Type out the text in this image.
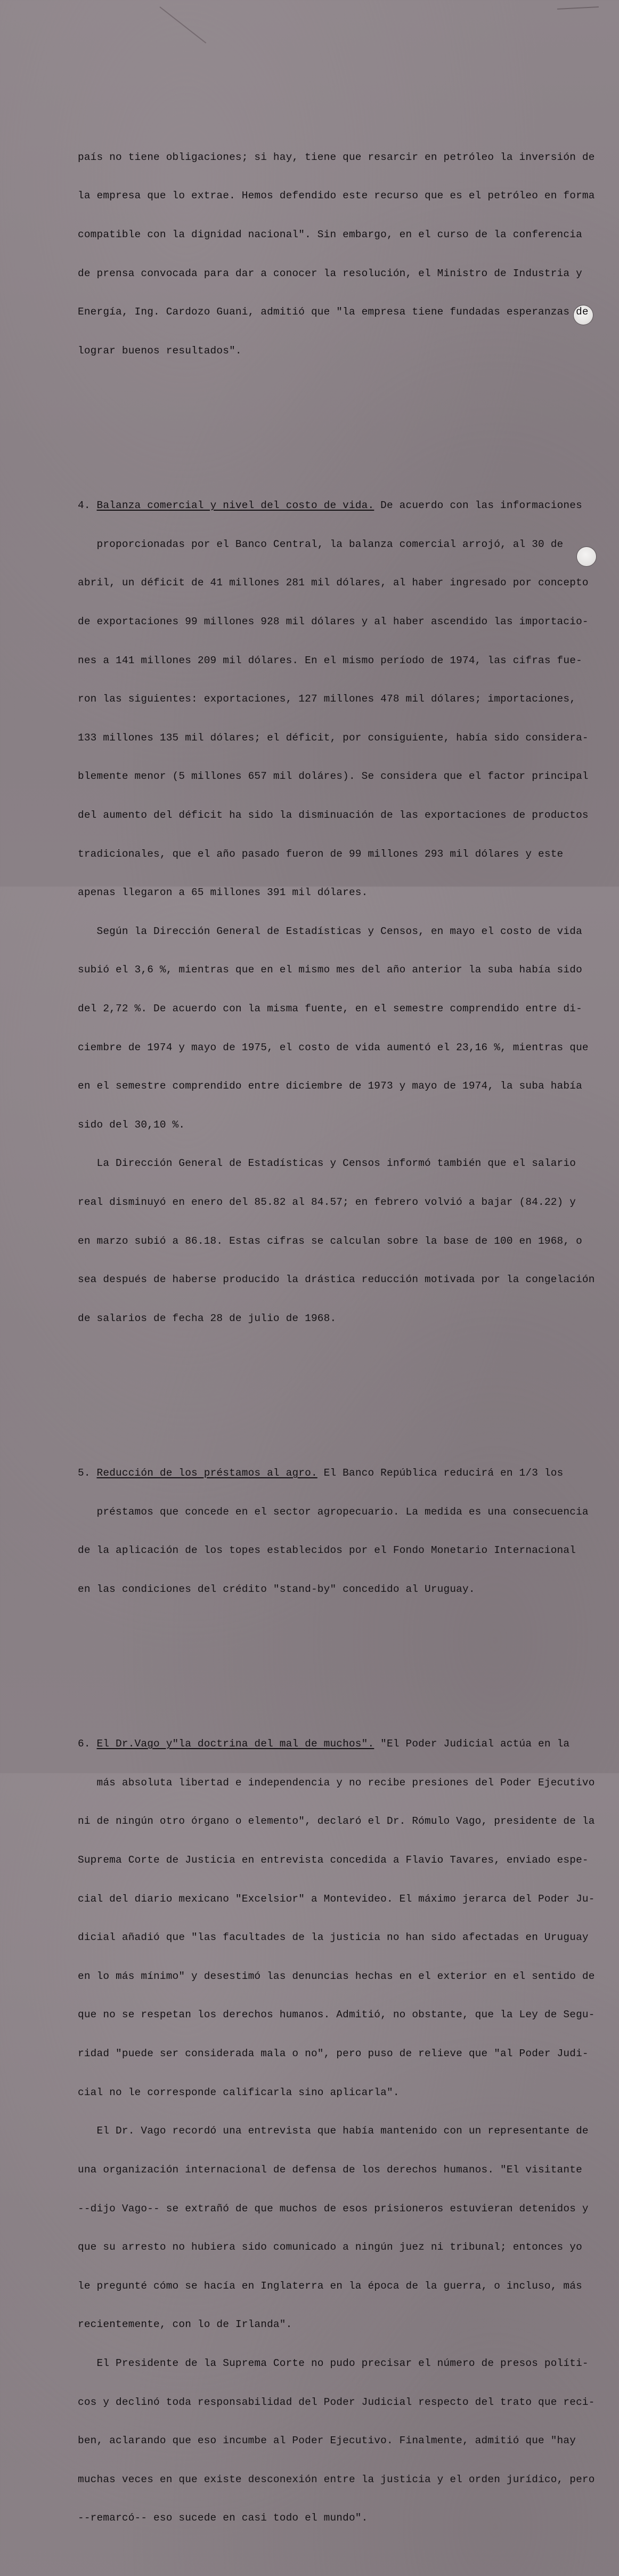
país no tiene obligaciones; si hay, tiene que resarcir en petróleo la inversión de

la empresa que lo extrae. Hemos defendido este recurso que es el petróleo en forma

compatible con la dignidad nacional". Sin embargo, en el curso de la conferencia

de prensa convocada para dar a conocer la resolución, el Ministro de Industria y

Energía, Ing. Cardozo Guani, admitió que "la empresa tiene fundadas esperanzas de

lograr buenos resultados".

4. Balanza comercial y nivel del costo de vida. De acuerdo con las informaciones

proporcionadas por el Banco Central, la balanza comercial arrojó, al 30 de

abril, un déficit de 41 millones 281 mil dólares, al haber ingresado por concepto

de exportaciones 99 millones 928 mil dólares y al haber ascendido las importacio-

nes a 141 millones 209 mil dólares. En el mismo período de 1974, las cifras fue-

ron las siguientes: exportaciones, 127 millones 478 mil dólares; importaciones,

133 millones 135 mil dólares; el déficit, por consiguiente, había sido considera-

blemente menor (5 millones 657 mil doláres). Se considera que el factor principal

del aumento del déficit ha sido la disminuación de las exportaciones de productos

tradicionales, que el año pasado fueron de 99 millones 293 mil dólares y este

apenas llegaron a 65 millones 391 mil dólares.

Según la Dirección General de Estadísticas y Censos, en mayo el costo de vida

subió el 3,6 %, mientras que en el mismo mes del año anterior la suba había sido

del 2,72 %. De acuerdo con la misma fuente, en el semestre comprendido entre di-

ciembre de 1974 y mayo de 1975, el costo de vida aumentó el 23,16 %, mientras que

en el semestre comprendido entre diciembre de 1973 y mayo de 1974, la suba había

sido del 30,10 %.

La Dirección General de Estadísticas y Censos informó también que el salario

real disminuyó en enero del 85.82 al 84.57; en febrero volvió a bajar (84.22) y

en marzo subió a 86.18. Estas cifras se calculan sobre la base de 100 en 1968, o

sea después de haberse producido la drástica reducción motivada por la congelación

de salarios de fecha 28 de julio de 1968.

5. Reducción de los préstamos al agro. El Banco República reducirá en 1/3 los

préstamos que concede en el sector agropecuario. La medida es una consecuencia

de la aplicación de los topes establecidos por el Fondo Monetario Internacional

en las condiciones del crédito "stand-by" concedido al Uruguay.

6. El Dr.Vago y"la doctrina del mal de muchos". "El Poder Judicial actúa en la

más absoluta libertad e independencia y no recibe presiones del Poder Ejecutivo

ni de ningún otro órgano o elemento", declaró el Dr. Rómulo Vago, presidente de la

Suprema Corte de Justicia en entrevista concedida a Flavio Tavares, enviado espe-

cial del diario mexicano "Excelsior" a Montevideo. El máximo jerarca del Poder Ju-

dicial añadió que "las facultades de la justicia no han sido afectadas en Uruguay

en lo más mínimo" y desestimó las denuncias hechas en el exterior en el sentido de

que no se respetan los derechos humanos. Admitió, no obstante, que la Ley de Segu-

ridad "puede ser considerada mala o no", pero puso de relieve que "al Poder Judi-

cial no le corresponde calificarla sino aplicarla".

El Dr. Vago recordó una entrevista que había mantenido con un representante de

una organización internacional de defensa de los derechos humanos. "El visitante

--dijo Vago-- se extrañó de que muchos de esos prisioneros estuvieran detenidos y

que su arresto no hubiera sido comunicado a ningún juez ni tribunal; entonces yo

le pregunté cómo se hacía en Inglaterra en la época de la guerra, o incluso, más

recientemente, con lo de Irlanda".

El Presidente de la Suprema Corte no pudo precisar el número de presos políti-

cos y declinó toda responsabilidad del Poder Judicial respecto del trato que reci-

ben, aclarando que eso incumbe al Poder Ejecutivo. Finalmente, admitió que "hay

muchas veces en que existe desconexión entre la justicia y el orden jurídico, pero

--remarcó-- eso sucede en casi todo el mundo".
